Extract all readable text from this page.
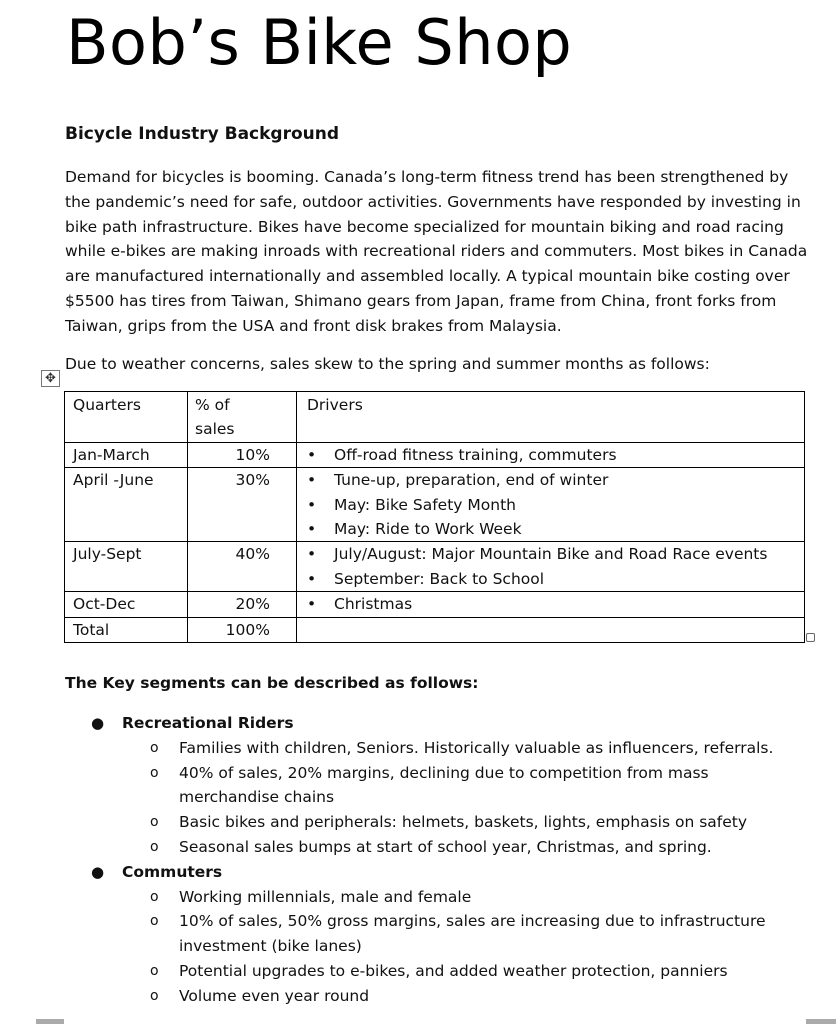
Bob’s Bike Shop
Bicycle Industry Background

Demand for bicycles is booming. Canada’s long-term fitness trend has been strengthened by the pandemic’s need for safe, outdoor activities. Governments have responded by investing in bike path infrastructure. Bikes have become specialized for mountain biking and road racing while e-bikes are making inroads with recreational riders and commuters. Most bikes in Canada are manufactured internationally and assembled locally. A typical mountain bike costing over $5500 has tires from Taiwan, Shimano gears from Japan, frame from China, front forks from Taiwan, grips from the USA and front disk brakes from Malaysia.

Due to weather concerns, sales skew to the spring and summer months as follows:

✥
Quarters	% of sales	Drivers
Jan-March	10%	• Off-road fitness training, commuters

April -June	30%	• Tune-up, preparation, end of winter
• May: Bike Safety Month
• May: Ride to Work Week

July-Sept	40%	• July/August: Major Mountain Bike and Road Race events
• September: Back to School

Oct-Dec	20%	• Christmas

Total	100%	
The Key segments can be described as follows:
● Recreational Riders
o Families with children, Seniors. Historically valuable as influencers, referrals.
o 40% of sales, 20% margins, declining due to competition from mass merchandise chains
o Basic bikes and peripherals: helmets, baskets, lights, emphasis on safety
o Seasonal sales bumps at start of school year, Christmas, and spring.
● Commuters
o Working millennials, male and female
o 10% of sales, 50% gross margins, sales are increasing due to infrastructure investment (bike lanes)
o Potential upgrades to e-bikes, and added weather protection, panniers
o Volume even year round
